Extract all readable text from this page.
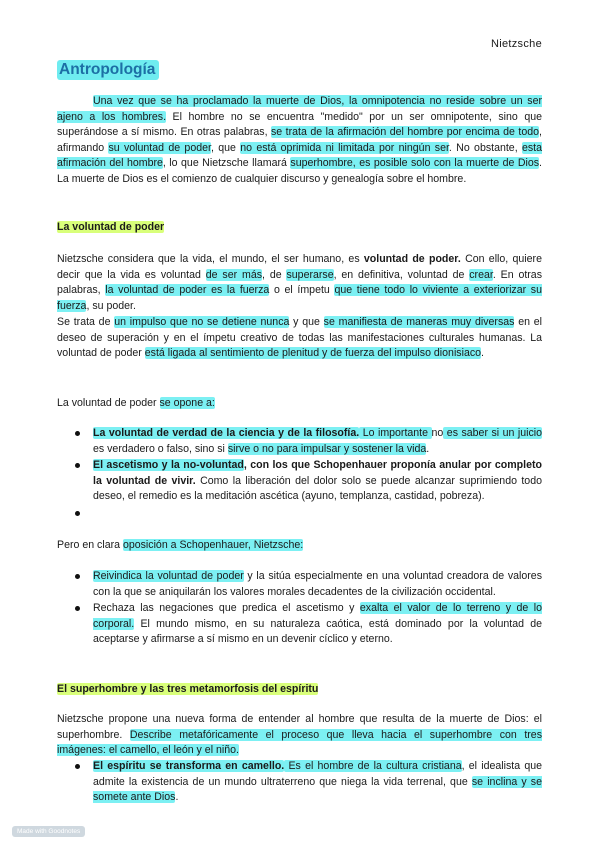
Nietzsche
Antropología

Una vez que se ha proclamado la muerte de Dios, la omnipotencia no reside sobre un ser ajeno a los hombres. El hombre no se encuentra "medido" por un ser omnipotente, sino que superándose a sí mismo. En otras palabras, se trata de la afirmación del hombre por encima de todo, afirmando su voluntad de poder, que no está oprimida ni limitada por ningún ser. No obstante, esta afirmación del hombre, lo que Nietzsche llamará superhombre, es posible solo con la muerte de Dios. La muerte de Dios es el comienzo de cualquier discurso y genealogía sobre el hombre.

La voluntad de poder

Nietzsche considera que la vida, el mundo, el ser humano, es voluntad de poder. Con ello, quiere decir que la vida es voluntad de ser más, de superarse, en definitiva, voluntad de crear. En otras palabras, la voluntad de poder es la fuerza o el ímpetu que tiene todo lo viviente a exteriorizar su fuerza, su poder.

Se trata de un impulso que no se detiene nunca y que se manifiesta de maneras muy diversas en el deseo de superación y en el ímpetu creativo de todas las manifestaciones culturales humanas. La voluntad de poder está ligada al sentimiento de plenitud y de fuerza del impulso dionisiaco.

La voluntad de poder se opone a:

La voluntad de verdad de la ciencia y de la filosofía. Lo importante no es saber si un juicio es verdadero o falso, sino si sirve o no para impulsar y sostener la vida.
El ascetismo y la no-voluntad, con los que Schopenhauer proponía anular por completo la voluntad de vivir. Como la liberación del dolor solo se puede alcanzar suprimiendo todo deseo, el remedio es la meditación ascética (ayuno, templanza, castidad, pobreza).

Pero en clara oposición a Schopenhauer, Nietzsche:

Reivindica la voluntad de poder y la sitúa especialmente en una voluntad creadora de valores con la que se aniquilarán los valores morales decadentes de la civilización occidental.
Rechaza las negaciones que predica el ascetismo y exalta el valor de lo terreno y de lo corporal. El mundo mismo, en su naturaleza caótica, está dominado por la voluntad de aceptarse y afirmarse a sí mismo en un devenir cíclico y eterno.

El superhombre y las tres metamorfosis del espíritu

Nietzsche propone una nueva forma de entender al hombre que resulta de la muerte de Dios: el superhombre. Describe metafóricamente el proceso que lleva hacia el superhombre con tres imágenes: el camello, el león y el niño.

El espíritu se transforma en camello. Es el hombre de la cultura cristiana, el idealista que admite la existencia de un mundo ultraterreno que niega la vida terrenal, que se inclina y se somete ante Dios.
Made with Goodnotes
